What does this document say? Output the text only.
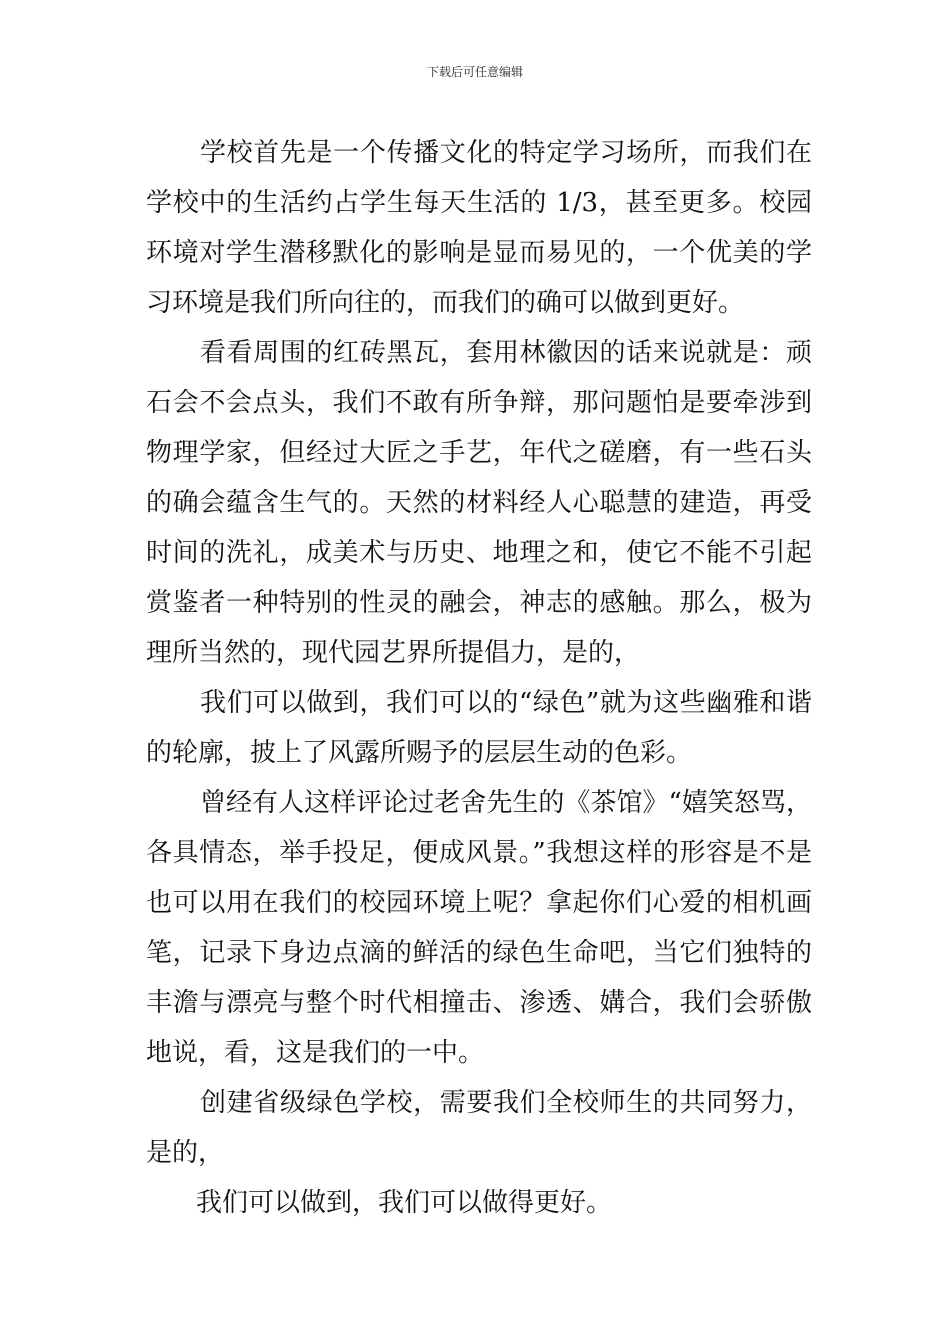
下载后可任意编辑

学校首先是一个传播文化的特定学习场所，而我们在学校中的生活约占学生每天生活的 1/3，甚至更多。校园环境对学生潜移默化的影响是显而易见的，一个优美的学习环境是我们所向往的，而我们的确可以做到更好。

看看周围的红砖黑瓦，套用林徽因的话来说就是：顽石会不会点头，我们不敢有所争辩，那问题怕是要牵涉到物理学家，但经过大匠之手艺，年代之磋磨，有一些石头的确会蕴含生气的。天然的材料经人心聪慧的建造，再受时间的洗礼，成美术与历史、地理之和，使它不能不引起赏鉴者一种特别的性灵的融会，神志的感触。那么，极为理所当然的，现代园艺界所提倡力，是的，

我们可以做到，我们可以的“绿色”就为这些幽雅和谐的轮廓，披上了风露所赐予的层层生动的色彩。

曾经有人这样评论过老舍先生的《茶馆》“嬉笑怒骂，各具情态，举手投足，便成风景。”我想这样的形容是不是也可以用在我们的校园环境上呢？拿起你们心爱的相机画笔，记录下身边点滴的鲜活的绿色生命吧，当它们独特的丰澹与漂亮与整个时代相撞击、渗透、媾合，我们会骄傲地说，看，这是我们的一中。

创建省级绿色学校，需要我们全校师生的共同努力，是的，

我们可以做到，我们可以做得更好。
